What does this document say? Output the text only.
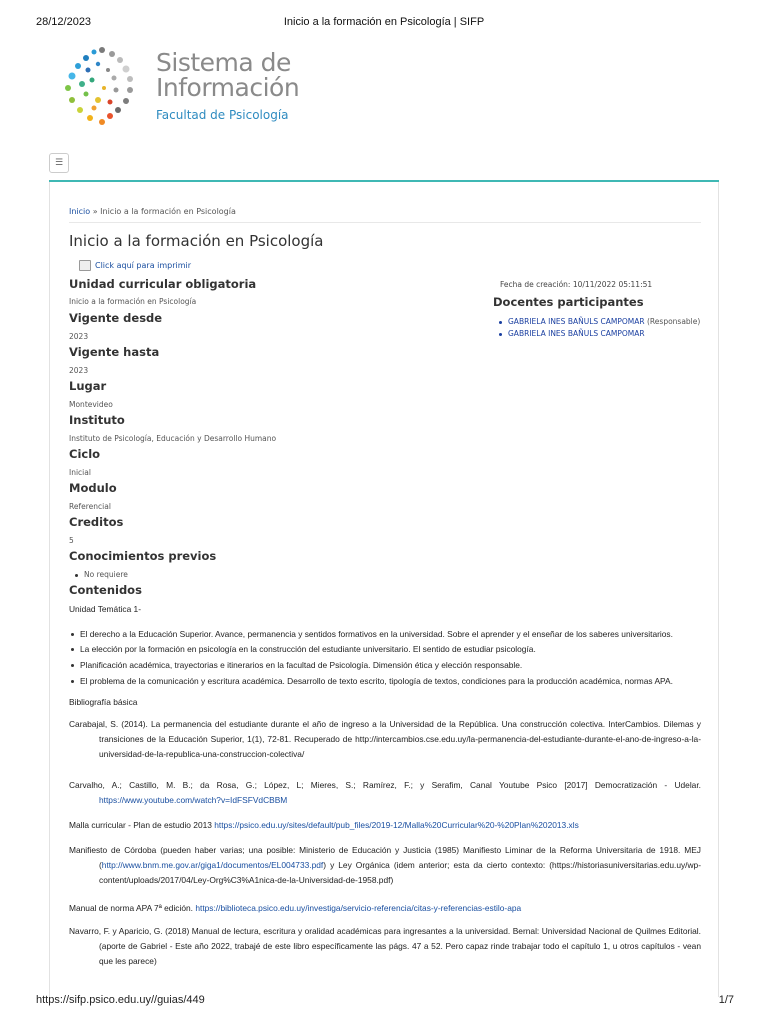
28/12/2023	Inicio a la formación en Psicología | SIFP
Sistema de
Información
Facultad de Psicología
☰
Inicio » Inicio a la formación en Psicología
Inicio a la formación en Psicología
Click aquí para imprimir
Unidad curricular obligatoria
Inicio a la formación en Psicología
Vigente desde
2023
Vigente hasta
2023
Lugar
Montevideo
Instituto
Instituto de Psicología, Educación y Desarrollo Humano
Ciclo
Inicial
Modulo
Referencial
Creditos
5
Conocimientos previos
No requiere
Contenidos
Fecha de creación: 10/11/2022 05:11:51
Docentes participantes
GABRIELA INES BAÑULS CAMPOMAR (Responsable)
GABRIELA INES BAÑULS CAMPOMAR
Unidad Temática 1-
El derecho a la Educación Superior. Avance, permanencia y sentidos formativos en la universidad. Sobre el aprender y el enseñar de los saberes universitarios.
La elección por la formación en psicología en la construcción del estudiante universitario. El sentido de estudiar psicología.
Planificación académica, trayectorias e itinerarios en la facultad de Psicología. Dimensión ética y elección responsable.
El problema de la comunicación y escritura académica. Desarrollo de texto escrito, tipología de textos, condiciones para la producción académica, normas APA.
Bibliografía básica
Carabajal, S. (2014). La permanencia del estudiante durante el año de ingreso a la Universidad de la República. Una construcción colectiva. InterCambios. Dilemas y transiciones de la Educación Superior, 1(1), 72-81. Recuperado de http://intercambios.cse.edu.uy/la-permanencia-del-estudiante-durante-el-ano-de-ingreso-a-la-universidad-de-la-republica-una-construccion-colectiva/
Carvalho, A.; Castillo, M. B.; da Rosa, G.; López, L; Mieres, S.; Ramírez, F.; y Serafim, Canal Youtube Psico [2017] Democratización - Udelar. https://www.youtube.com/watch?v=IdFSFVdCBBM
Malla curricular - Plan de estudio 2013 https://psico.edu.uy/sites/default/pub_files/2019-12/Malla%20Curricular%20-%20Plan%202013.xls
Manifiesto de Córdoba (pueden haber varias; una posible: Ministerio de Educación y Justicia (1985) Manifiesto Liminar de la Reforma Universitaria de 1918. MEJ (http://www.bnm.me.gov.ar/giga1/documentos/EL004733.pdf) y Ley Orgánica (idem anterior; esta da cierto contexto: (https://historiasuniversitarias.edu.uy/wp-content/uploads/2017/04/Ley-Org%C3%A1nica-de-la-Universidad-de-1958.pdf)
Manual de norma APA 7ª edición. https://biblioteca.psico.edu.uy/investiga/servicio-referencia/citas-y-referencias-estilo-apa
Navarro, F. y Aparicio, G. (2018) Manual de lectura, escritura y oralidad académicas para ingresantes a la universidad. Bernal: Universidad Nacional de Quilmes Editorial. (aporte de Gabriel - Este año 2022, trabajé de este libro específicamente las págs. 47 a 52. Pero capaz rinde trabajar todo el capítulo 1, u otros capítulos - vean que les parece)
https://sifp.psico.edu.uy//guias/449	1/7
